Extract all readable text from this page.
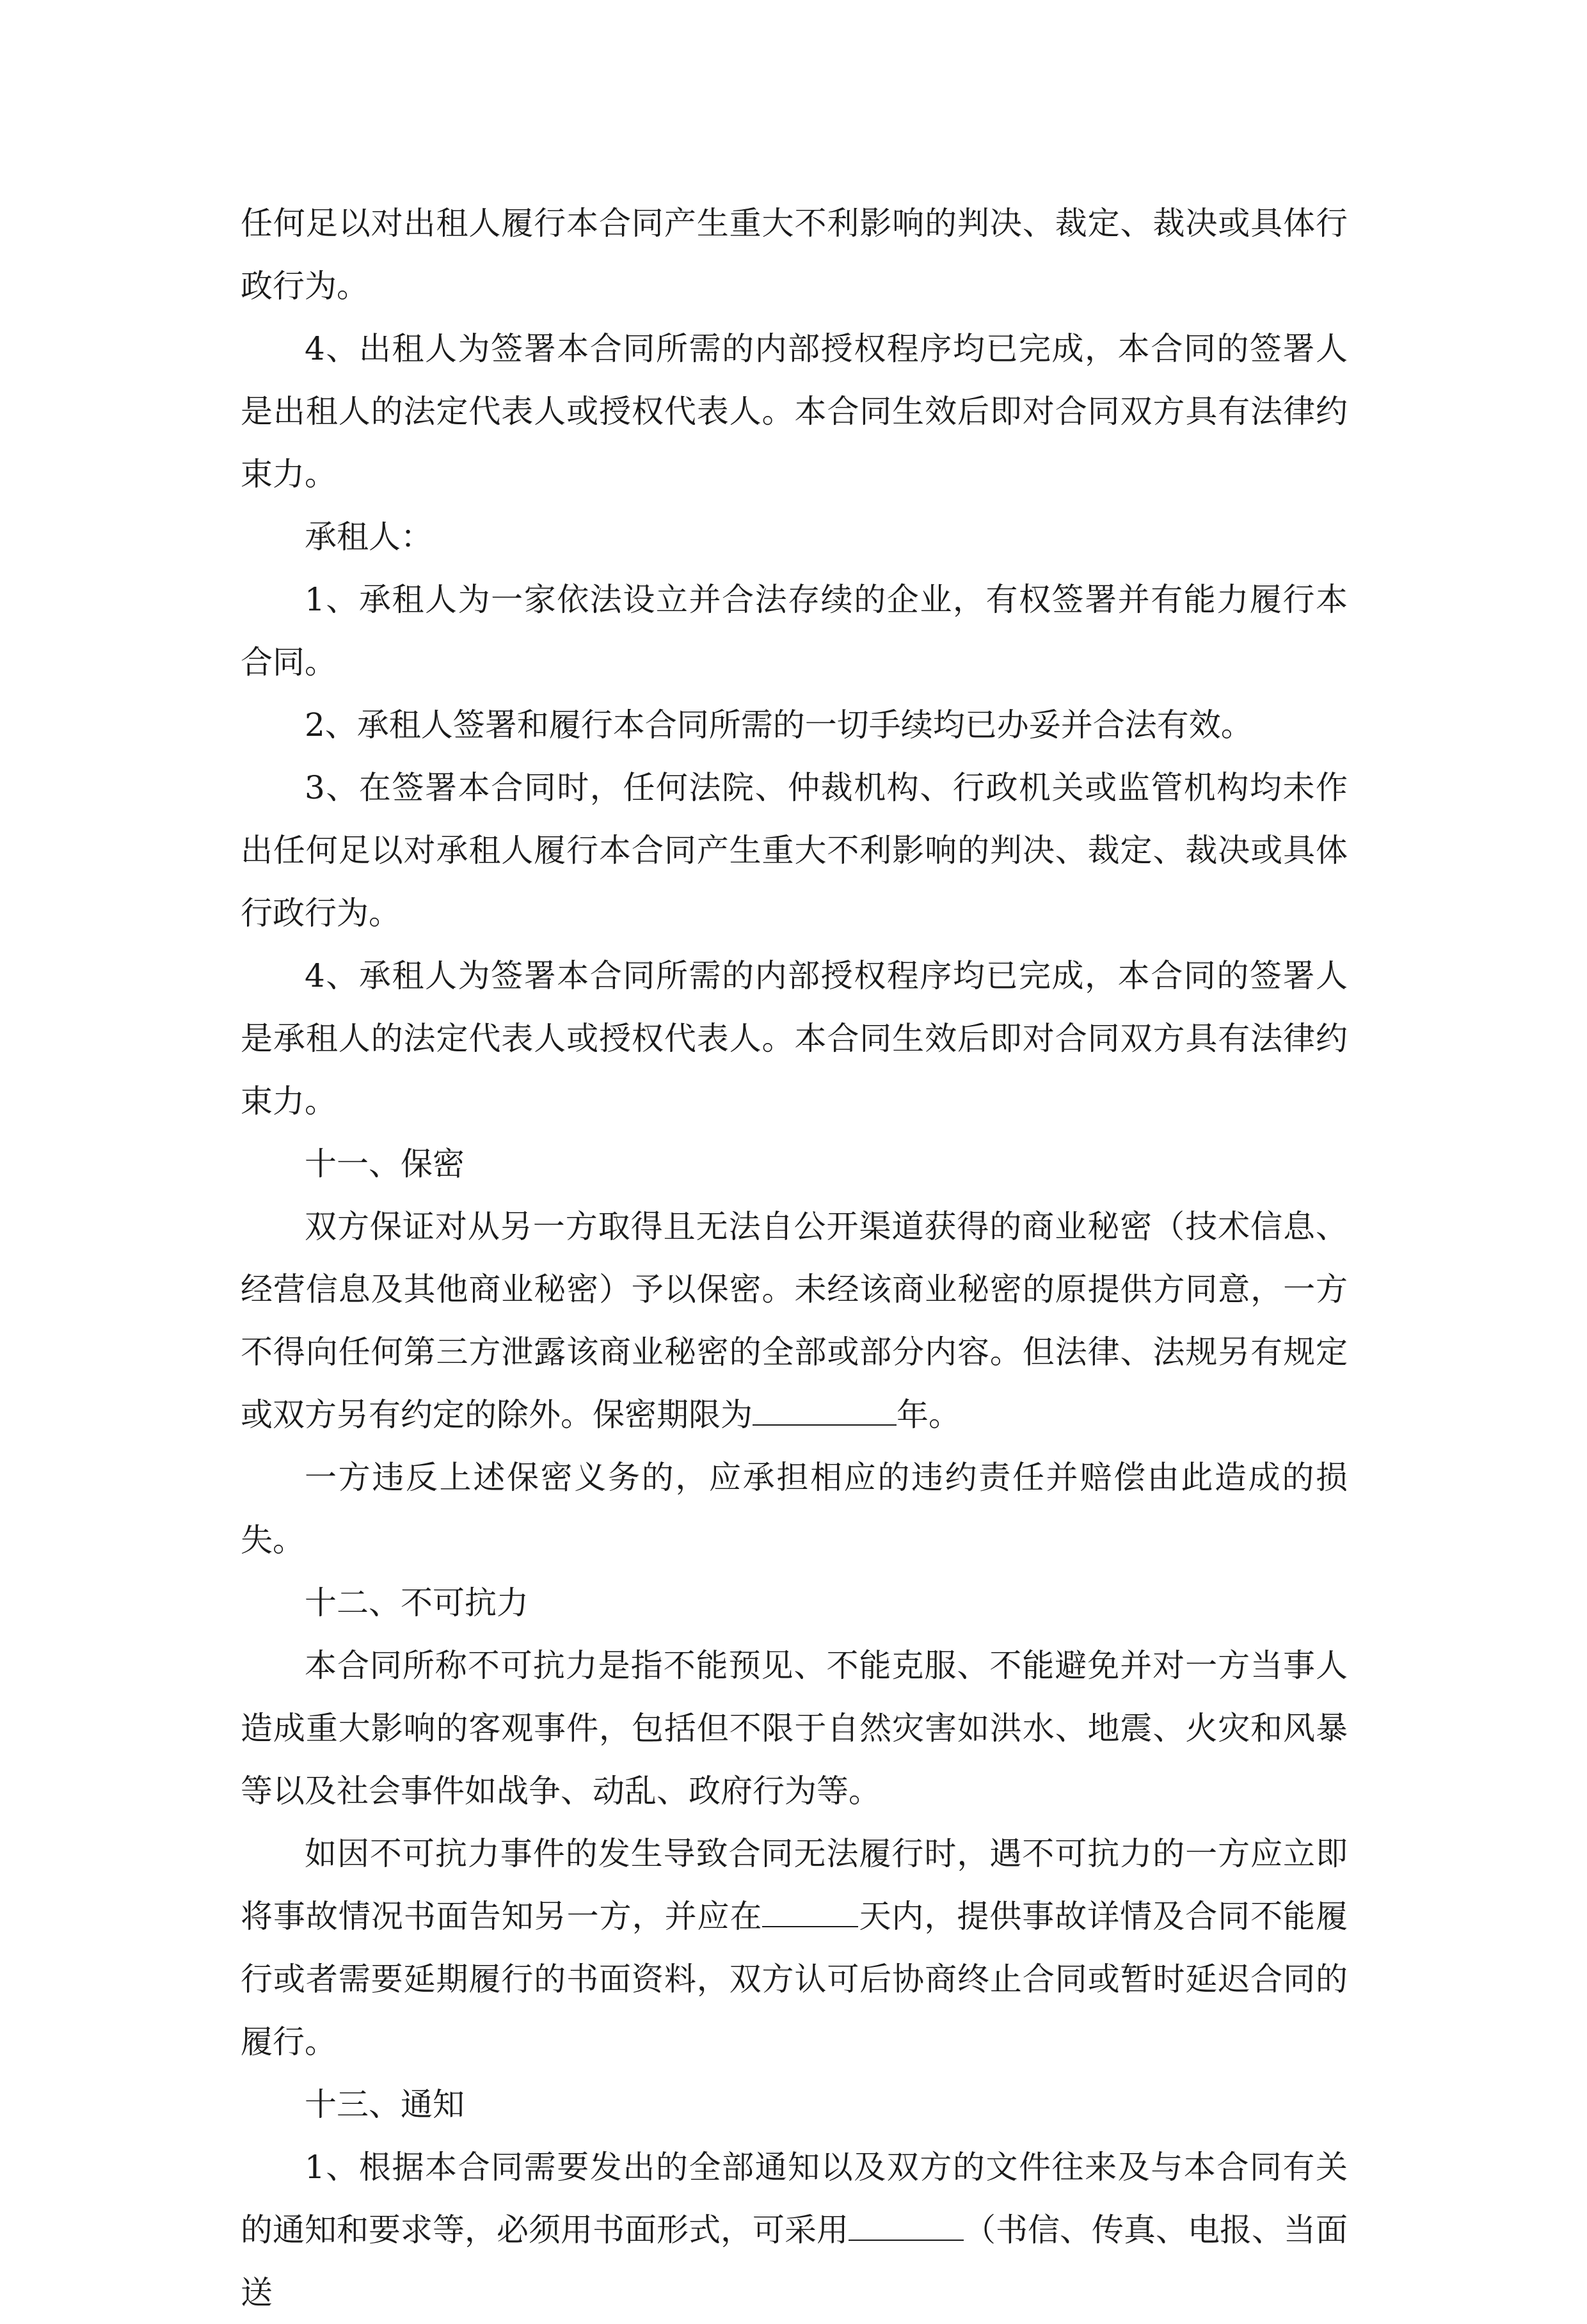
任何足以对出租人履行本合同产生重大不利影响的判决、裁定、裁决或具体行政行为。

4、出租人为签署本合同所需的内部授权程序均已完成，本合同的签署人是出租人的法定代表人或授权代表人。本合同生效后即对合同双方具有法律约束力。

承租人：

1、承租人为一家依法设立并合法存续的企业，有权签署并有能力履行本合同。

2、承租人签署和履行本合同所需的一切手续均已办妥并合法有效。

3、在签署本合同时，任何法院、仲裁机构、行政机关或监管机构均未作出任何足以对承租人履行本合同产生重大不利影响的判决、裁定、裁决或具体行政行为。

4、承租人为签署本合同所需的内部授权程序均已完成，本合同的签署人是承租人的法定代表人或授权代表人。本合同生效后即对合同双方具有法律约束力。

十一、保密

双方保证对从另一方取得且无法自公开渠道获得的商业秘密（技术信息、经营信息及其他商业秘密）予以保密。未经该商业秘密的原提供方同意，一方不得向任何第三方泄露该商业秘密的全部或部分内容。但法律、法规另有规定或双方另有约定的除外。保密期限为	年。

一方违反上述保密义务的，应承担相应的违约责任并赔偿由此造成的损失。

十二、不可抗力

本合同所称不可抗力是指不能预见、不能克服、不能避免并对一方当事人造成重大影响的客观事件，包括但不限于自然灾害如洪水、地震、火灾和风暴等以及社会事件如战争、动乱、政府行为等。

如因不可抗力事件的发生导致合同无法履行时，遇不可抗力的一方应立即将事故情况书面告知另一方，并应在	天内，提供事故详情及合同不能履行或者需要延期履行的书面资料，双方认可后协商终止合同或暂时延迟合同的履行。

十三、通知

1、根据本合同需要发出的全部通知以及双方的文件往来及与本合同有关的通知和要求等，必须用书面形式，可采用	（书信、传真、电报、当面送
